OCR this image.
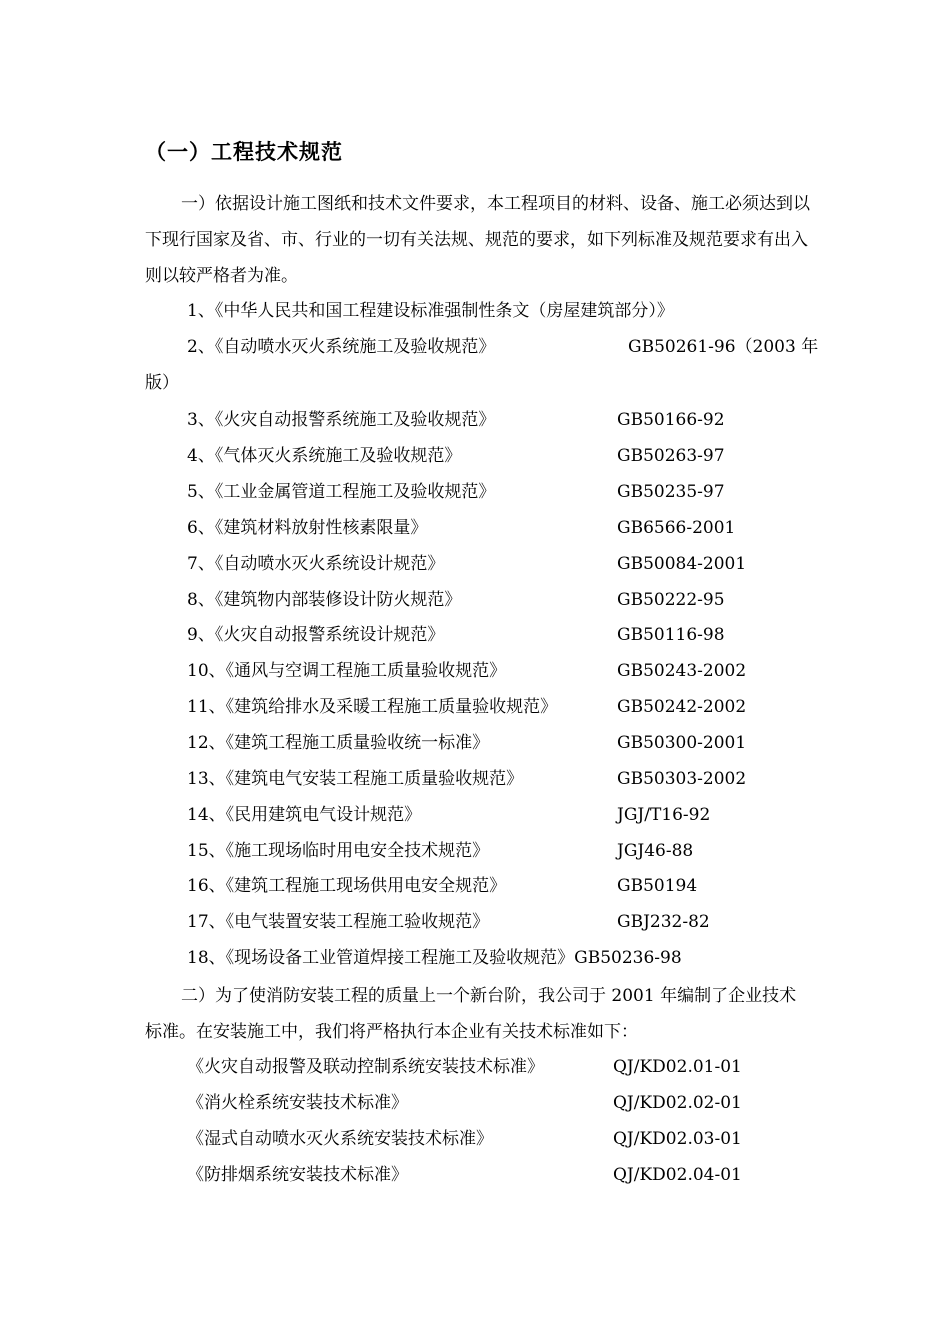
（一）工程技术规范

一）依据设计施工图纸和技术文件要求，本工程项目的材料、设备、施工必须达到以下现行国家及省、市、行业的一切有关法规、规范的要求，如下列标准及规范要求有出入则以较严格者为准。

1、《中华人民共和国工程建设标准强制性条文（房屋建筑部分）》
2、《自动喷水灭火系统施工及验收规范》	GB50261-96（2003 年
版）
3、《火灾自动报警系统施工及验收规范》	GB50166-92
4、《气体灭火系统施工及验收规范》	GB50263-97
5、《工业金属管道工程施工及验收规范》	GB50235-97
6、《建筑材料放射性核素限量》	GB6566-2001
7、《自动喷水灭火系统设计规范》	GB50084-2001
8、《建筑物内部装修设计防火规范》	GB50222-95
9、《火灾自动报警系统设计规范》	GB50116-98
10、《通风与空调工程施工质量验收规范》	GB50243-2002
11、《建筑给排水及采暖工程施工质量验收规范》	GB50242-2002
12、《建筑工程施工质量验收统一标准》	GB50300-2001
13、《建筑电气安装工程施工质量验收规范》	GB50303-2002
14、《民用建筑电气设计规范》	JGJ/T16-92
15、《施工现场临时用电安全技术规范》	JGJ46-88
16、《建筑工程施工现场供用电安全规范》	GB50194
17、《电气装置安装工程施工验收规范》	GBJ232-82
18、《现场设备工业管道焊接工程施工及验收规范》GB50236-98

二）为了使消防安装工程的质量上一个新台阶，我公司于 2001 年编制了企业技术标准。在安装施工中，我们将严格执行本企业有关技术标准如下：

《火灾自动报警及联动控制系统安装技术标准》	QJ/KD02.01-01
《消火栓系统安装技术标准》	QJ/KD02.02-01
《湿式自动喷水灭火系统安装技术标准》	QJ/KD02.03-01
《防排烟系统安装技术标准》	QJ/KD02.04-01
